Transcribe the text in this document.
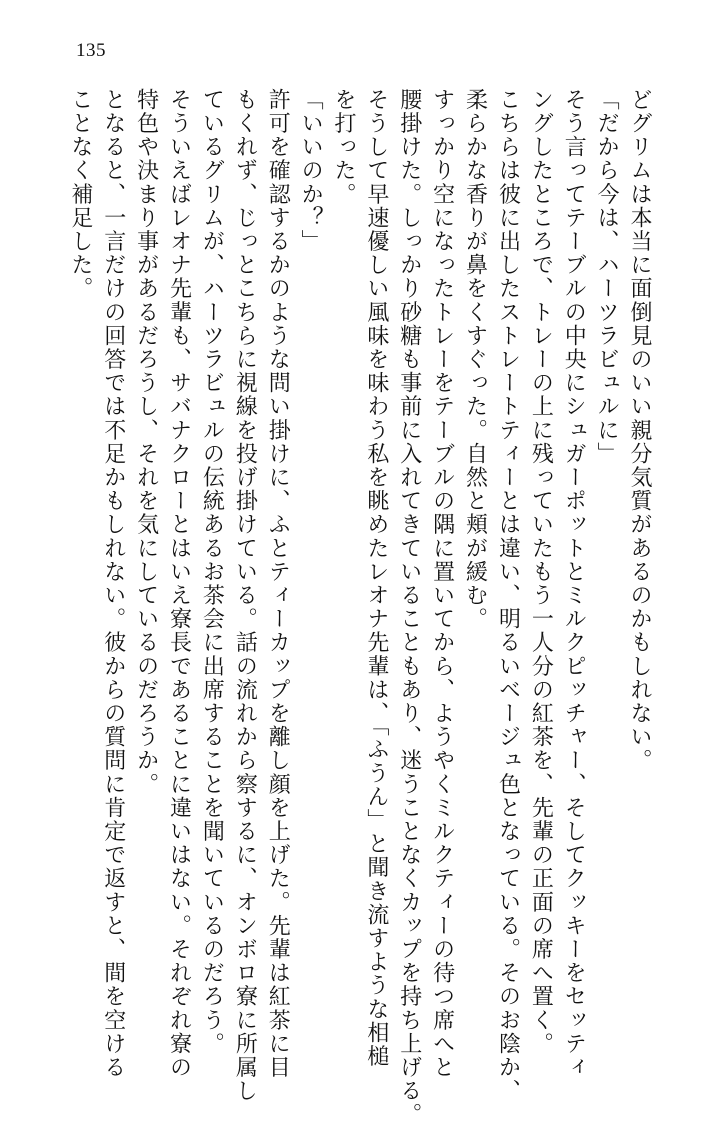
135
どグリムは本当に面倒見のいい親分気質があるのかもしれない。
「だから今は、ハーツラビュルに」
そう言ってテーブルの中央にシュガーポットとミルクピッチャー、そしてクッキーをセッティ
ングしたところで、トレーの上に残っていたもう一人分の紅茶を、先輩の正面の席へ置く。
こちらは彼に出したストレートティーとは違い、明るいベージュ色となっている。そのお陰か、
柔らかな香りが鼻をくすぐった。自然と頬が緩む。
すっかり空になったトレーをテーブルの隅に置いてから、ようやくミルクティーの待つ席へと
腰掛けた。しっかり砂糖も事前に入れてきていることもあり、迷うことなくカップを持ち上げる。
そうして早速優しい風味を味わう私を眺めたレオナ先輩は、「ふうん」と聞き流すような相槌
を打った。
「いいのか？」
許可を確認するかのような問い掛けに、ふとティーカップを離し顔を上げた。先輩は紅茶に目
もくれず、じっとこちらに視線を投げ掛けている。話の流れから察するに、オンボロ寮に所属し
ているグリムが、ハーツラビュルの伝統あるお茶会に出席することを聞いているのだろう。
そういえばレオナ先輩も、サバナクローとはいえ寮長であることに違いはない。それぞれ寮の
特色や決まり事があるだろうし、それを気にしているのだろうか。
となると、一言だけの回答では不足かもしれない。彼からの質問に肯定で返すと、間を空ける
ことなく補足した。
